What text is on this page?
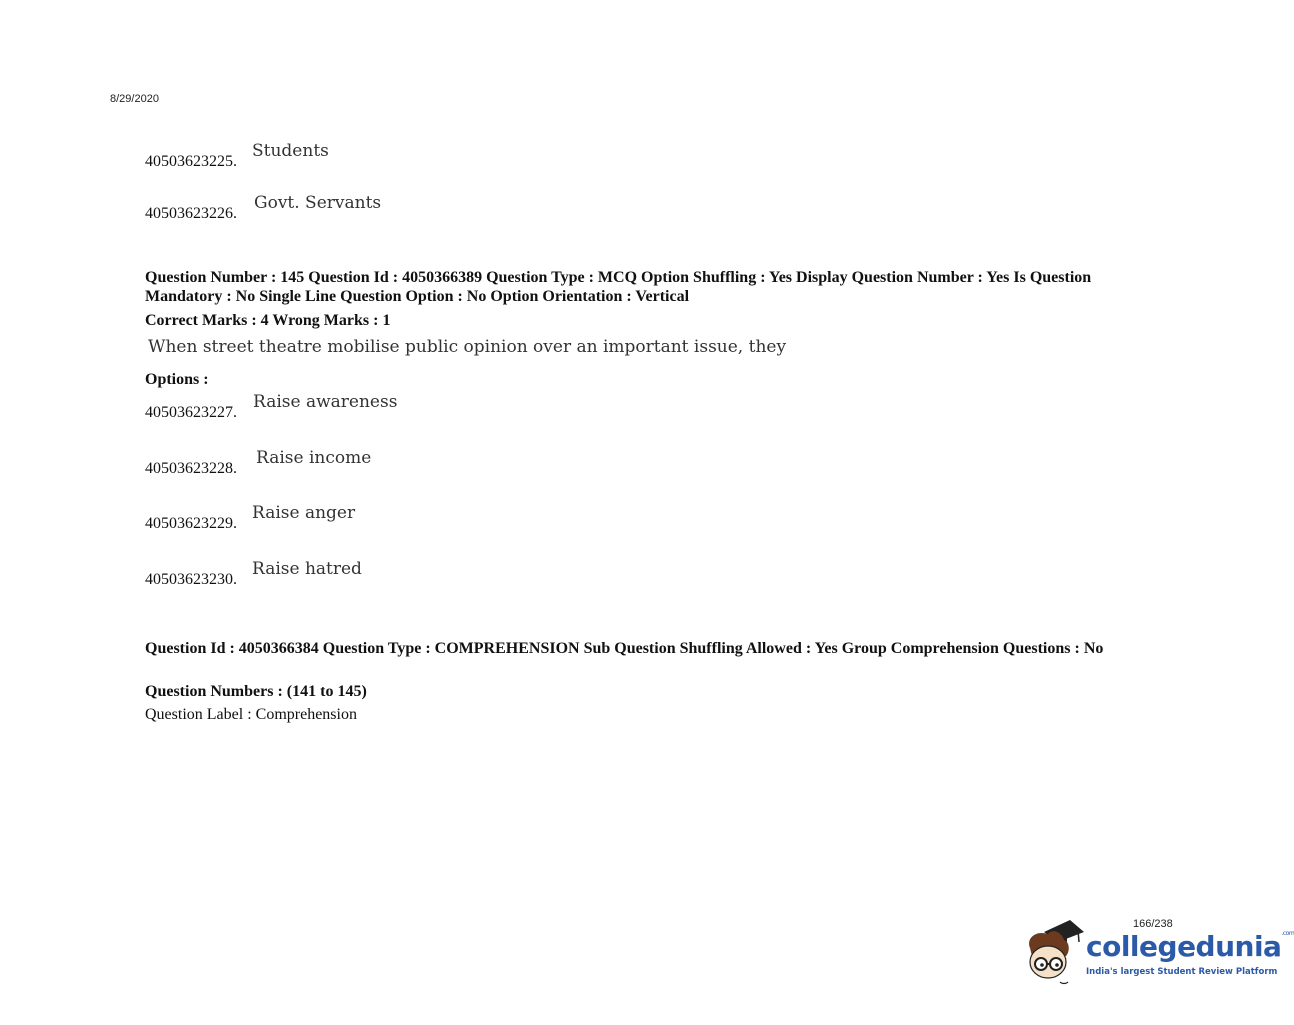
8/29/2020
40503623225.
Students
40503623226.
Govt. Servants
Question Number : 145 Question Id : 4050366389 Question Type : MCQ Option Shuffling : Yes Display Question Number : Yes Is Question Mandatory : No Single Line Question Option : No Option Orientation : Vertical
Correct Marks : 4 Wrong Marks : 1
When street theatre mobilise public opinion over an important issue, they
Options :
40503623227.
Raise awareness
40503623228.
Raise income
40503623229.
Raise anger
40503623230.
Raise hatred
Question Id : 4050366384 Question Type : COMPREHENSION Sub Question Shuffling Allowed : Yes Group Comprehension Questions : No
Question Numbers : (141 to 145)
Question Label : Comprehension
166/238
collegedunia$^{.com}$
India's largest Student Review Platform
